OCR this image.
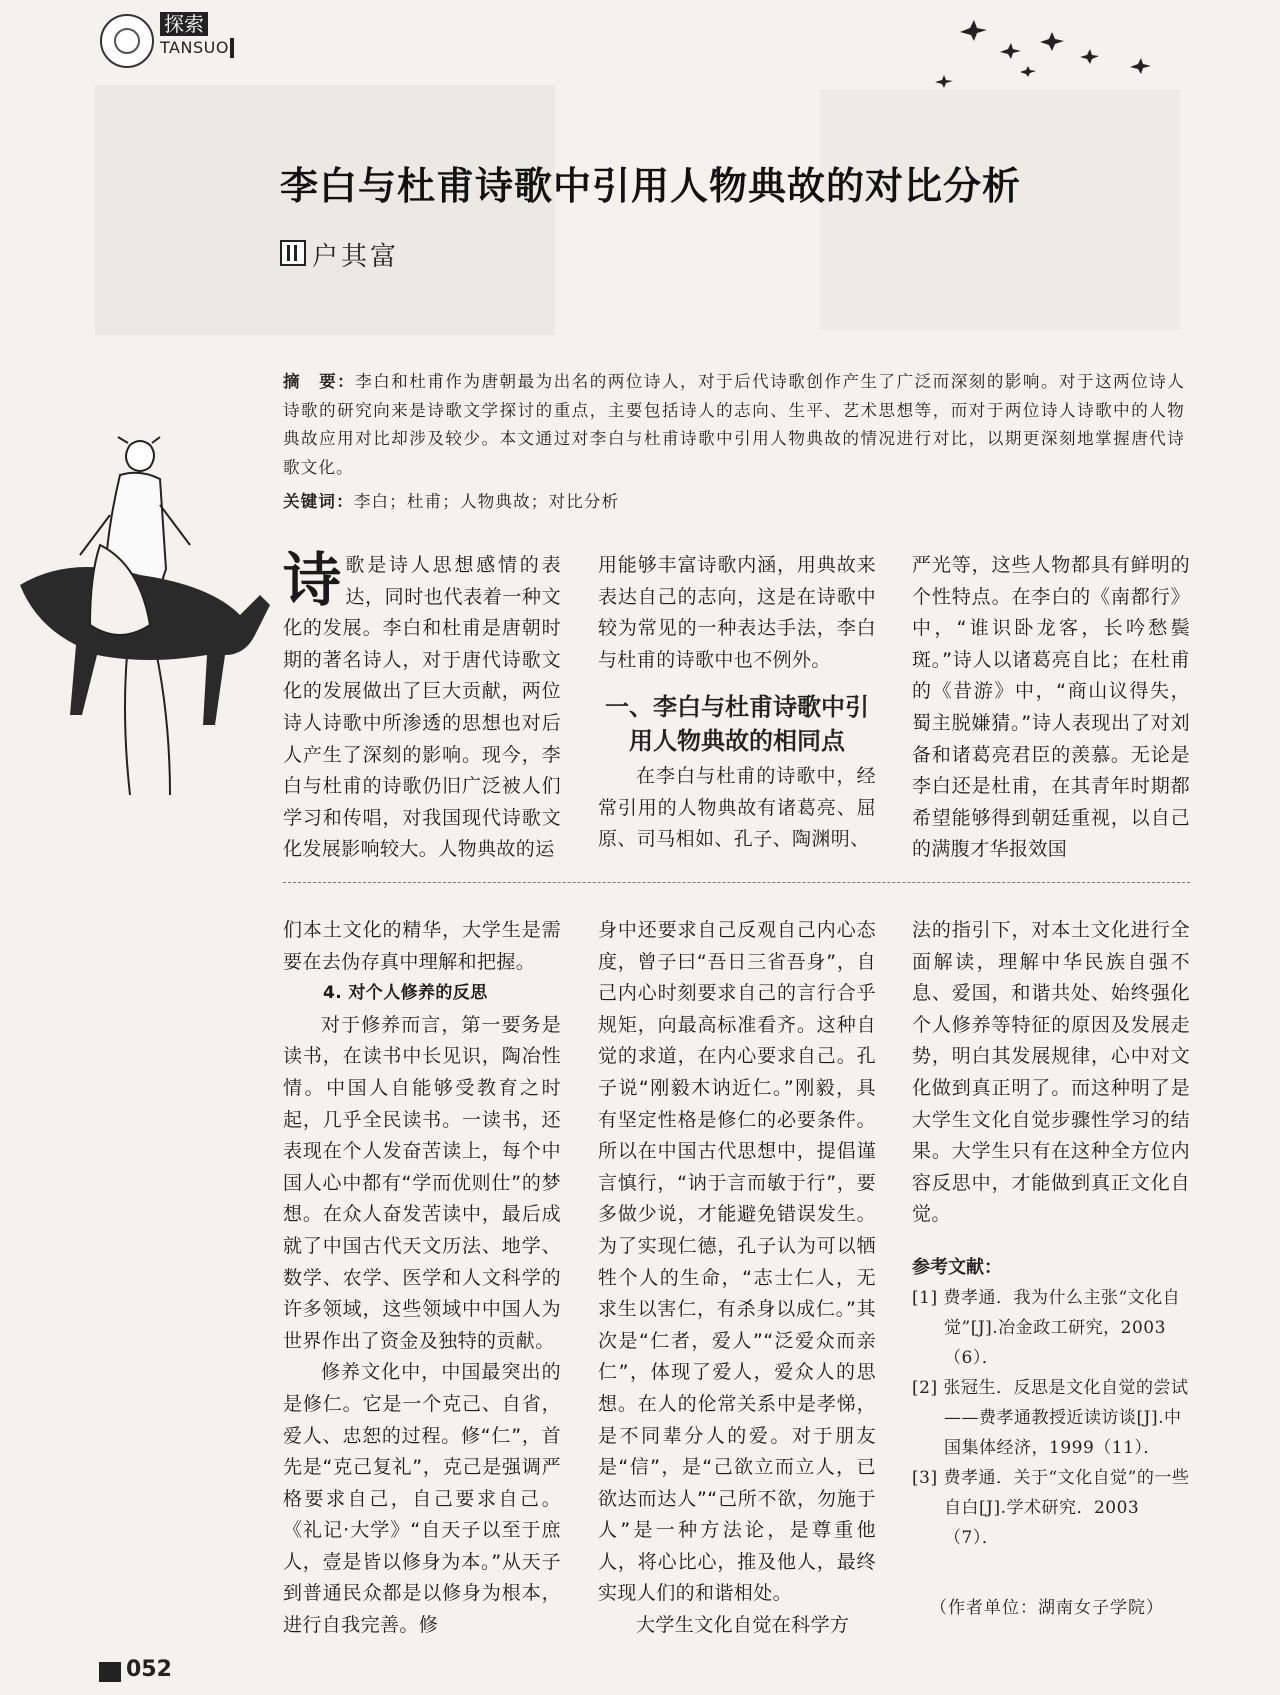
探索
TANSUO
李白与杜甫诗歌中引用人物典故的对比分析
户其富
摘　要：李白和杜甫作为唐朝最为出名的两位诗人，对于后代诗歌创作产生了广泛而深刻的影响。对于这两位诗人诗歌的研究向来是诗歌文学探讨的重点，主要包括诗人的志向、生平、艺术思想等，而对于两位诗人诗歌中的人物典故应用对比却涉及较少。本文通过对李白与杜甫诗歌中引用人物典故的情况进行对比，以期更深刻地掌握唐代诗歌文化。
关键词：李白；杜甫；人物典故；对比分析
诗歌是诗人思想感情的表达，同时也代表着一种文化的发展。李白和杜甫是唐朝时期的著名诗人，对于唐代诗歌文化的发展做出了巨大贡献，两位诗人诗歌中所渗透的思想也对后人产生了深刻的影响。现今，李白与杜甫的诗歌仍旧广泛被人们学习和传唱，对我国现代诗歌文化发展影响较大。人物典故的运
用能够丰富诗歌内涵，用典故来表达自己的志向，这是在诗歌中较为常见的一种表达手法，李白与杜甫的诗歌中也不例外。
一、李白与杜甫诗歌中引用人物典故的相同点
在李白与杜甫的诗歌中，经常引用的人物典故有诸葛亮、屈原、司马相如、孔子、陶渊明、
严光等，这些人物都具有鲜明的个性特点。在李白的《南都行》中，“谁识卧龙客，长吟愁鬓斑。”诗人以诸葛亮自比；在杜甫的《昔游》中，“商山议得失，蜀主脱嫌猜。”诗人表现出了对刘备和诸葛亮君臣的羡慕。无论是李白还是杜甫，在其青年时期都希望能够得到朝廷重视，以自己的满腹才华报效国
们本土文化的精华，大学生是需要在去伪存真中理解和把握。
4. 对个人修养的反思
对于修养而言，第一要务是读书，在读书中长见识，陶冶性情。中国人自能够受教育之时起，几乎全民读书。一读书，还表现在个人发奋苦读上，每个中国人心中都有“学而优则仕”的梦想。在众人奋发苦读中，最后成就了中国古代天文历法、地学、数学、农学、医学和人文科学的许多领域，这些领域中中国人为世界作出了资金及独特的贡献。
修养文化中，中国最突出的是修仁。它是一个克己、自省，爱人、忠恕的过程。修“仁”，首先是“克己复礼”，克己是强调严格要求自己，自己要求自己。《礼记·大学》“自天子以至于庶人，壹是皆以修身为本。”从天子到普通民众都是以修身为根本，进行自我完善。修
身中还要求自己反观自己内心态度，曾子曰“吾日三省吾身”，自己内心时刻要求自己的言行合乎规矩，向最高标准看齐。这种自觉的求道，在内心要求自己。孔子说“刚毅木讷近仁。”刚毅，具有坚定性格是修仁的必要条件。所以在中国古代思想中，提倡谨言慎行，“讷于言而敏于行”，要多做少说，才能避免错误发生。为了实现仁德，孔子认为可以牺牲个人的生命，“志士仁人，无求生以害仁，有杀身以成仁。”其次是“仁者，爱人”“泛爱众而亲仁”，体现了爱人，爱众人的思想。在人的伦常关系中是孝悌，是不同辈分人的爱。对于朋友是“信”，是“己欲立而立人，已欲达而达人”“己所不欲，勿施于人”是一种方法论，是尊重他人，将心比心，推及他人，最终实现人们的和谐相处。
大学生文化自觉在科学方
法的指引下，对本土文化进行全面解读，理解中华民族自强不息、爱国，和谐共处、始终强化个人修养等特征的原因及发展走势，明白其发展规律，心中对文化做到真正明了。而这种明了是大学生文化自觉步骤性学习的结果。大学生只有在这种全方位内容反思中，才能做到真正文化自觉。
参考文献：
[1] 费孝通．我为什么主张“文化自觉”[J].冶金政工研究，2003（6）．
[2] 张冠生．反思是文化自觉的尝试——费孝通教授近读访谈[J].中国集体经济，1999（11）．
[3] 费孝通．关于“文化自觉”的一些自白[J].学术研究．2003（7）．
（作者单位：湖南女子学院）
052
